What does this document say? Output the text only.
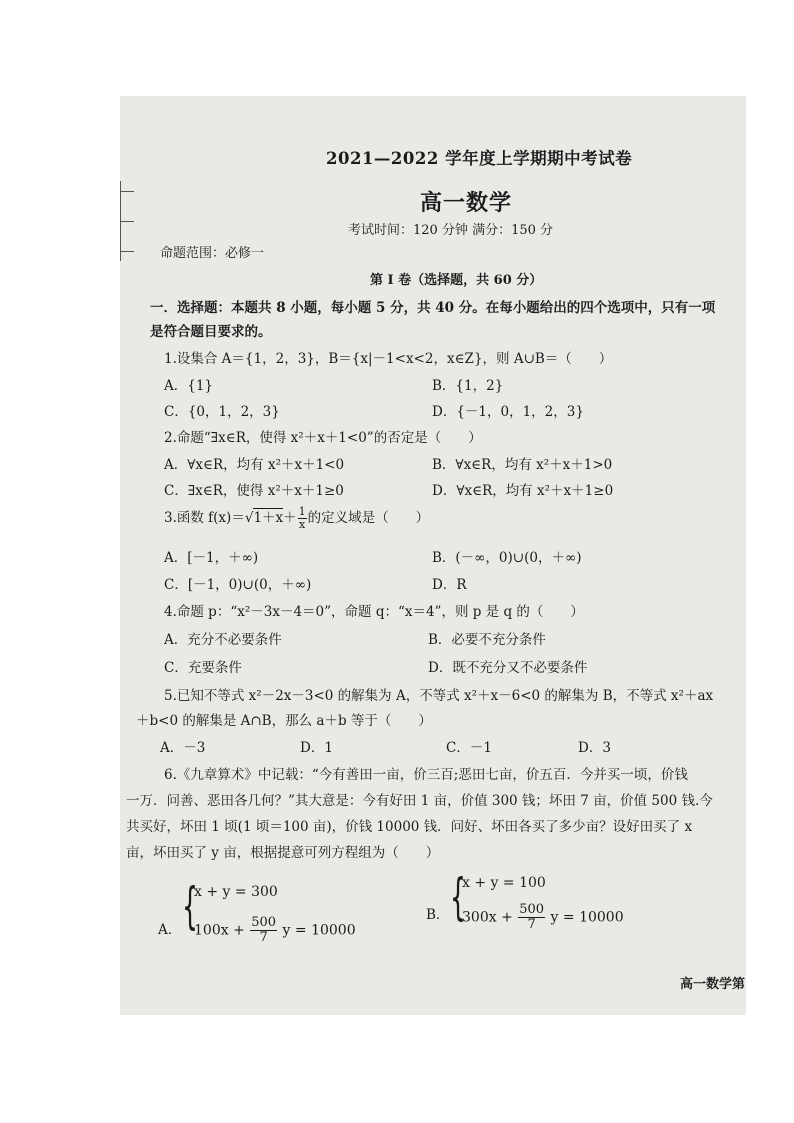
2021—2022 学年度上学期期中考试卷
高一数学
考试时间：120 分钟 满分：150 分
命题范围：必修一
第 I 卷（选择题，共 60 分）
一．选择题：本题共 8 小题，每小题 5 分，共 40 分。在每小题给出的四个选项中，只有一项
是符合题目要求的。
1.设集合 A＝{1，2，3}，B＝{x|－1<x<2，x∈Z}，则 A∪B＝（　　）
A．{1}	B．{1，2}
C．{0，1，2，3}	D．{－1，0，1，2，3}
2.命题“∃x∈R，使得 x²＋x＋1<0”的否定是（　　）
A．∀x∈R，均有 x²＋x＋1<0	B．∀x∈R，均有 x²＋x＋1>0
C．∃x∈R，使得 x²＋x＋1≥0	D．∀x∈R，均有 x²＋x＋1≥0
3.函数 $f(x)=√1+x+ \frac{1}{x}$ 的定义域是（　　）
A．[－1，＋∞)	B．(－∞，0)∪(0，＋∞)
C．[－1，0)∪(0，＋∞)	D．R
4.命题 p：“x²－3x－4＝0”，命题 q：“x＝4”，则 p 是 q 的（　　）
A．充分不必要条件	B．必要不充分条件
C．充要条件	D．既不充分又不必要条件
5.已知不等式 x²－2x－3<0 的解集为 A，不等式 x²＋x－6<0 的解集为 B，不等式 x²＋ax
＋b<0 的解集是 A∩B，那么 a＋b 等于（　　）
A．－3	D．1	C．－1	D．3
6.《九章算术》中记载：“今有善田一亩，价三百;恶田七亩，价五百．今并买一顷，价钱
一万．问善、恶田各几何？”其大意是：今有好田 1 亩，价值 300 钱；坏田 7 亩，价值 500 钱.今
共买好，坏田 1 顷(1 顷＝100 亩)，价钱 10000 钱．问好、坏田各买了多少亩？设好田买了 x
亩，坏田买了 y 亩，根据提意可列方程组为（　　）
A． {
x + y = 300
$100x + \frac{500}{7}$ y = 10000
B． {
x + y = 100
$300x + \frac{500}{7}$ y = 10000
高一数学第
